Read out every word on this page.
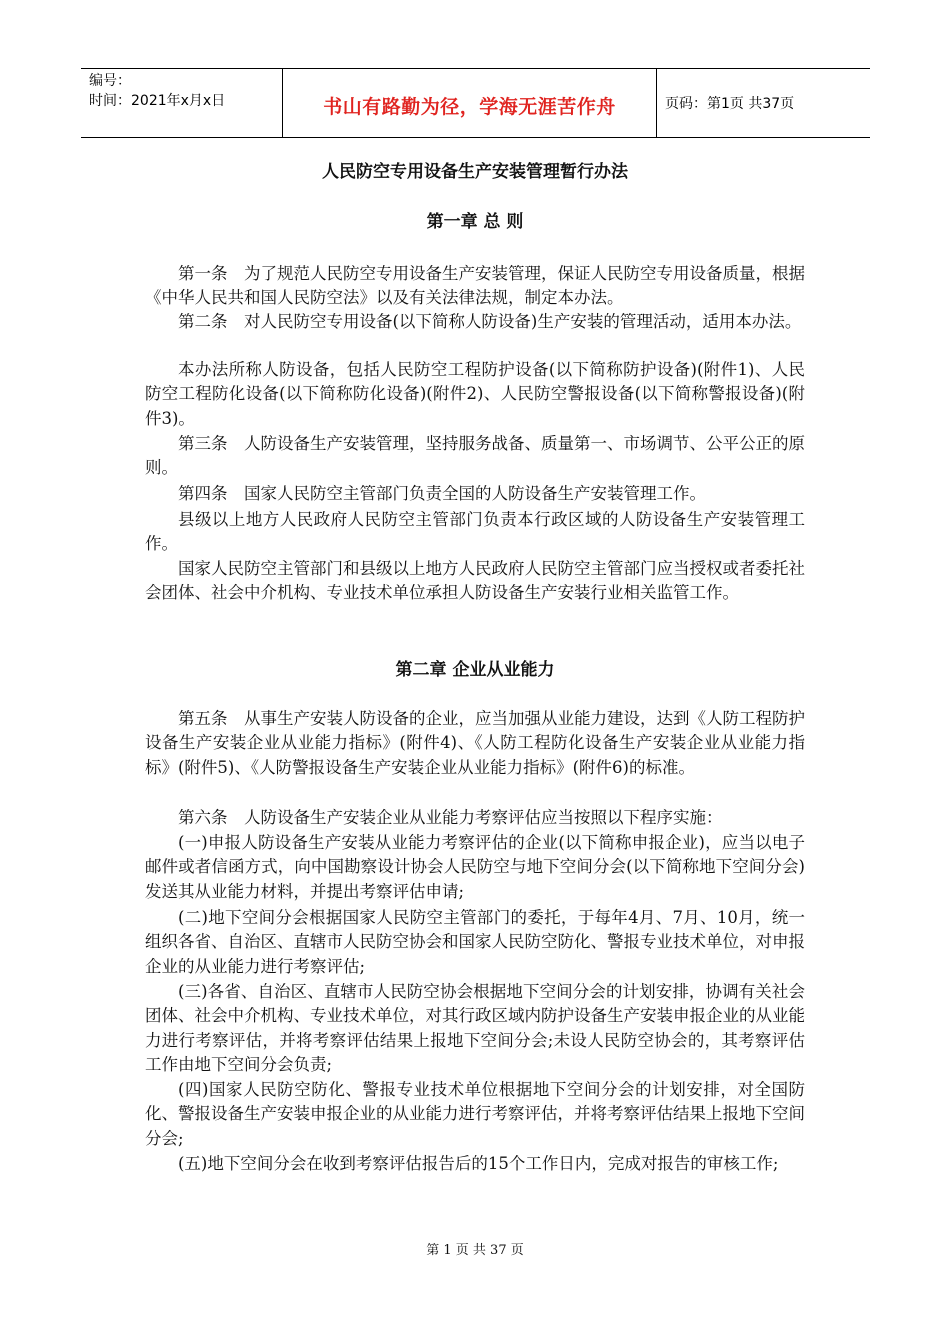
编号：
时间：2021年x月x日	书山有路勤为径，学海无涯苦作舟	页码：第1页 共37页
人民防空专用设备生产安装管理暂行办法
第一章 总 则

第一条　为了规范人民防空专用设备生产安装管理，保证人民防空专用设备质量，根据《中华人民共和国人民防空法》以及有关法律法规，制定本办法。

第二条　对人民防空专用设备(以下简称人防设备)生产安装的管理活动，适用本办法。

本办法所称人防设备，包括人民防空工程防护设备(以下简称防护设备)(附件1)、人民防空工程防化设备(以下简称防化设备)(附件2)、人民防空警报设备(以下简称警报设备)(附件3)。

第三条　人防设备生产安装管理，坚持服务战备、质量第一、市场调节、公平公正的原则。

第四条　国家人民防空主管部门负责全国的人防设备生产安装管理工作。

县级以上地方人民政府人民防空主管部门负责本行政区域的人防设备生产安装管理工作。

国家人民防空主管部门和县级以上地方人民政府人民防空主管部门应当授权或者委托社会团体、社会中介机构、专业技术单位承担人防设备生产安装行业相关监管工作。

第二章 企业从业能力

第五条　从事生产安装人防设备的企业，应当加强从业能力建设，达到《人防工程防护设备生产安装企业从业能力指标》(附件4)、《人防工程防化设备生产安装企业从业能力指标》(附件5)、《人防警报设备生产安装企业从业能力指标》(附件6)的标准。

第六条　人防设备生产安装企业从业能力考察评估应当按照以下程序实施：

(一)申报人防设备生产安装从业能力考察评估的企业(以下简称申报企业)，应当以电子邮件或者信函方式，向中国勘察设计协会人民防空与地下空间分会(以下简称地下空间分会)发送其从业能力材料，并提出考察评估申请;

(二)地下空间分会根据国家人民防空主管部门的委托，于每年4月、7月、10月，统一组织各省、自治区、直辖市人民防空协会和国家人民防空防化、警报专业技术单位，对申报企业的从业能力进行考察评估;

(三)各省、自治区、直辖市人民防空协会根据地下空间分会的计划安排，协调有关社会团体、社会中介机构、专业技术单位，对其行政区域内防护设备生产安装申报企业的从业能力进行考察评估，并将考察评估结果上报地下空间分会;未设人民防空协会的，其考察评估工作由地下空间分会负责;

(四)国家人民防空防化、警报专业技术单位根据地下空间分会的计划安排，对全国防化、警报设备生产安装申报企业的从业能力进行考察评估，并将考察评估结果上报地下空间分会;

(五)地下空间分会在收到考察评估报告后的15个工作日内，完成对报告的审核工作;

第 1 页 共 37 页
